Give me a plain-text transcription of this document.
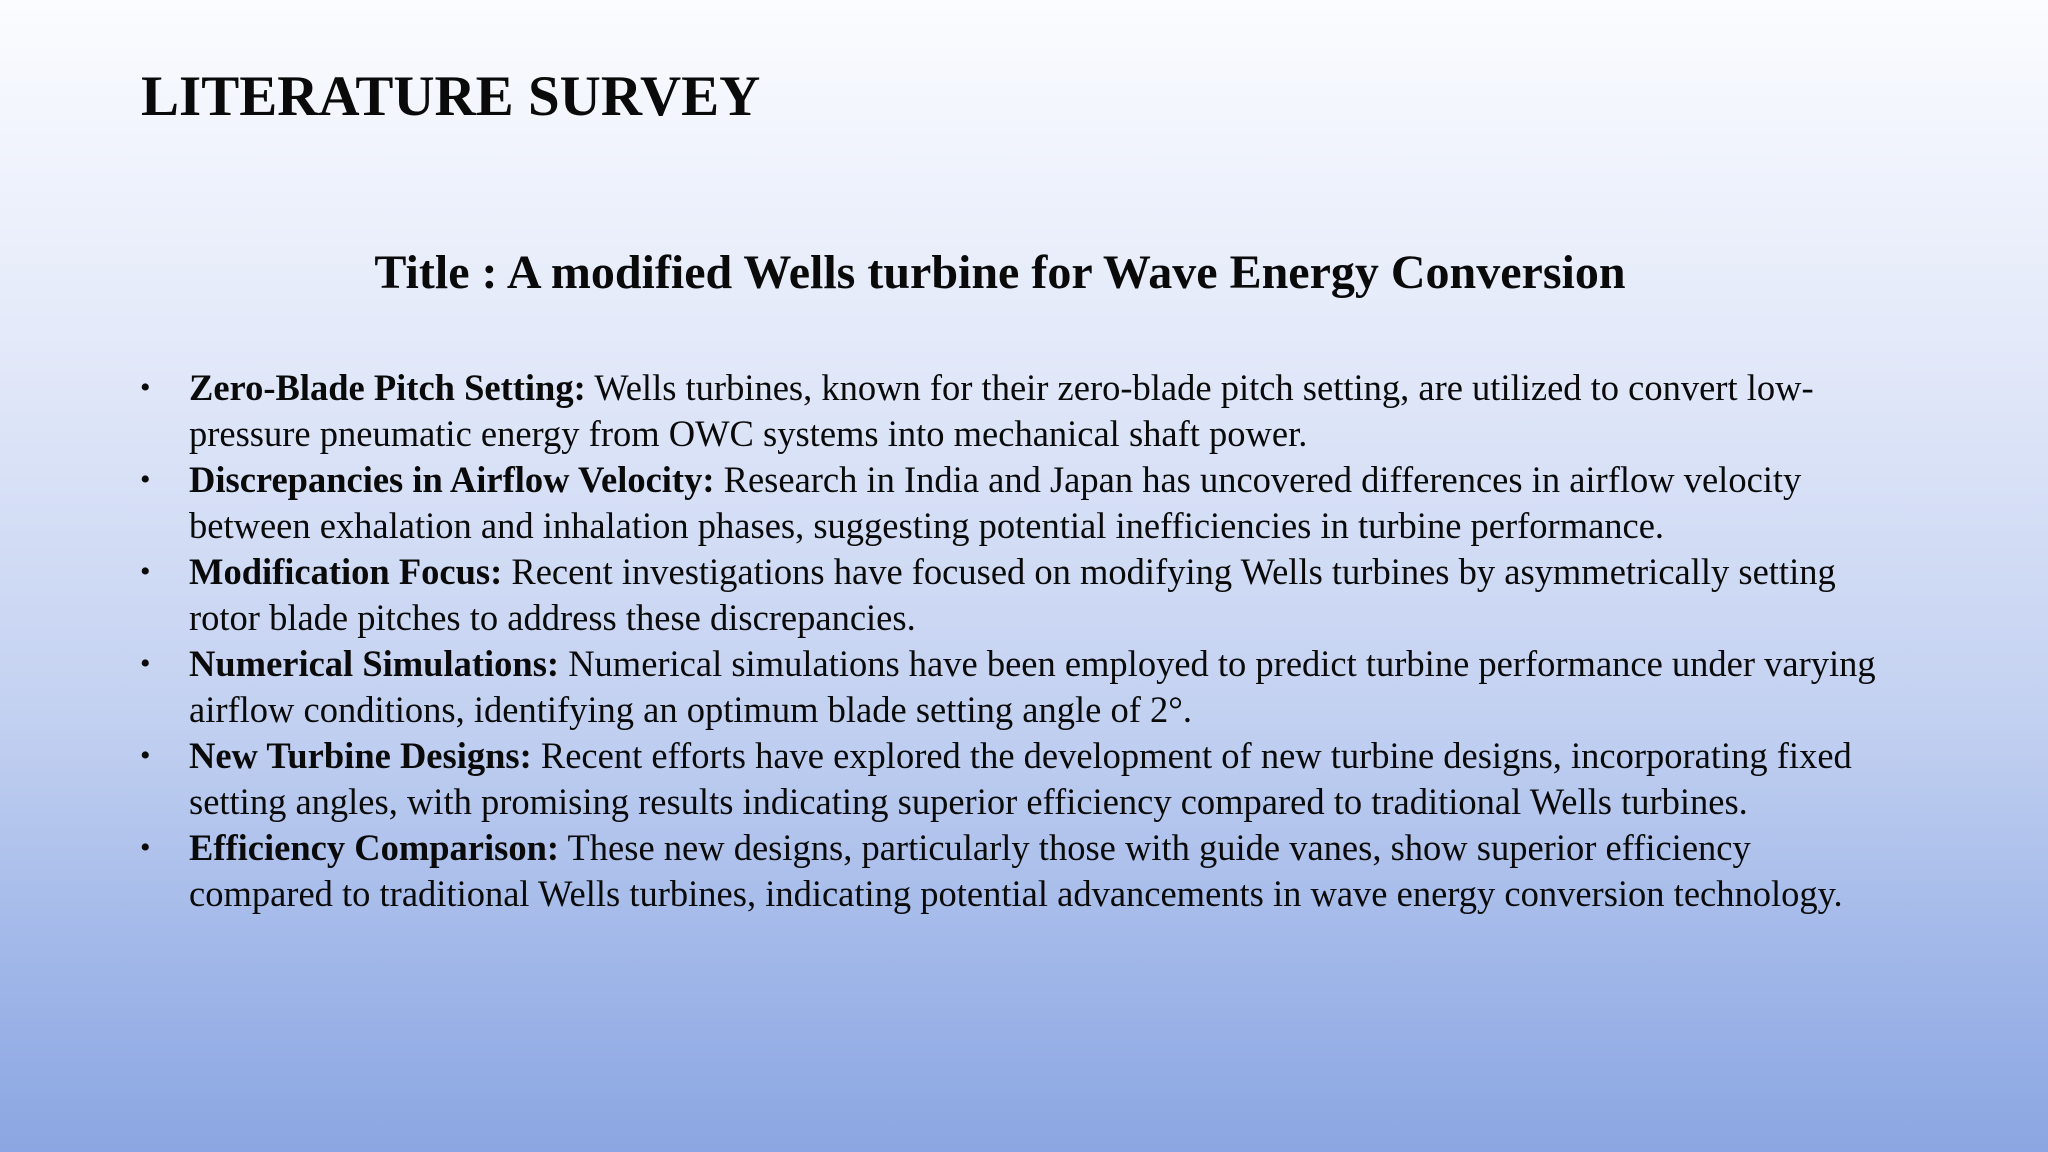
LITERATURE SURVEY
Title : A modified Wells turbine for Wave Energy Conversion
• Zero-Blade Pitch Setting: Wells turbines, known for their zero-blade pitch setting, are utilized to convert low-pressure pneumatic energy from OWC systems into mechanical shaft power.
• Discrepancies in Airflow Velocity: Research in India and Japan has uncovered differences in airflow velocity between exhalation and inhalation phases, suggesting potential inefficiencies in turbine performance.
• Modification Focus: Recent investigations have focused on modifying Wells turbines by asymmetrically setting rotor blade pitches to address these discrepancies.
• Numerical Simulations: Numerical simulations have been employed to predict turbine performance under varying airflow conditions, identifying an optimum blade setting angle of 2°.
• New Turbine Designs: Recent efforts have explored the development of new turbine designs, incorporating fixed setting angles, with promising results indicating superior efficiency compared to traditional Wells turbines.
• Efficiency Comparison: These new designs, particularly those with guide vanes, show superior efficiency compared to traditional Wells turbines, indicating potential advancements in wave energy conversion technology.
